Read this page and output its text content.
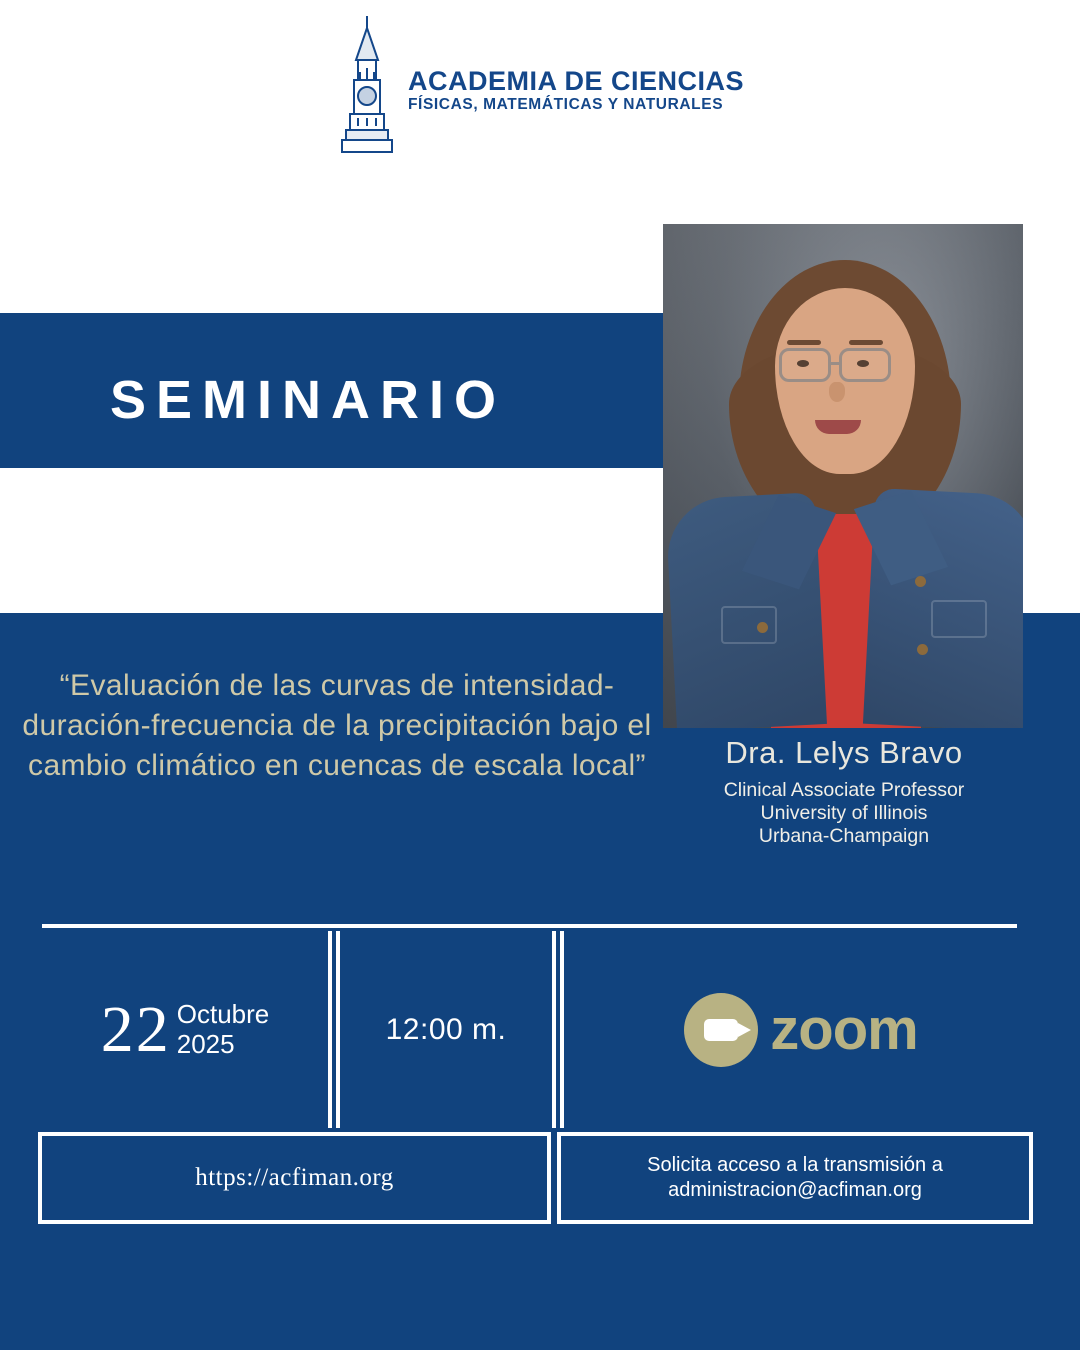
ACADEMIA DE CIENCIAS
FÍSICAS, MATEMÁTICAS Y NATURALES
SEMINARIO
“Evaluación de las curvas de intensidad-duración-frecuencia de la precipitación bajo el cambio climático en cuencas de escala local”	Dra. Lelys Bravo
Clinical Associate Professor
University of Illinois
Urbana-Champaign
22 Octubre
2025	12:00 m.	zoom
https://acfiman.org	Solicita acceso a la transmisión a
administracion@acfiman.org
